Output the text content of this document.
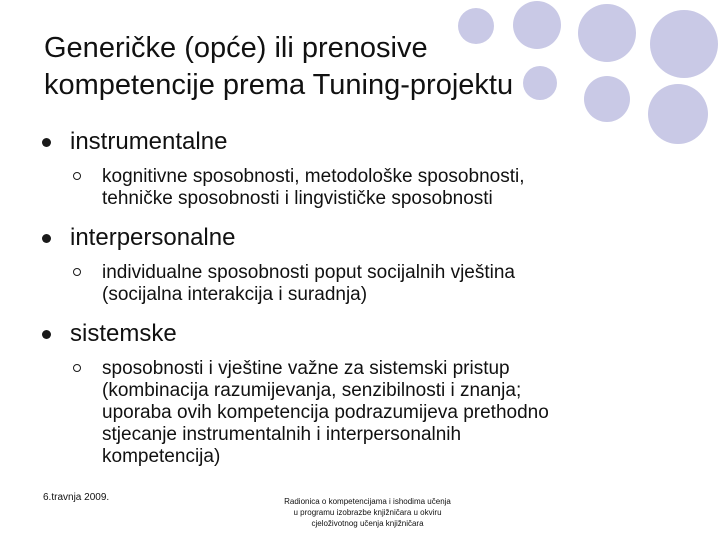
Generičke (opće) ili prenosive
kompetencije prema Tuning-projektu
instrumentalne
kognitivne sposobnosti, metodološke sposobnosti,
tehničke sposobnosti i lingvističke sposobnosti
interpersonalne
individualne sposobnosti poput socijalnih vještina
(socijalna interakcija i suradnja)
sistemske
sposobnosti i vještine važne za sistemski pristup
(kombinacija razumijevanja, senzibilnosti i znanja;
uporaba ovih kompetencija podrazumijeva prethodno
stjecanje instrumentalnih i interpersonalnih
kompetencija)
6.travnja 2009.	Radionica o kompetencijama i ishodima učenja
u programu izobrazbe knjižničara u okviru
cjeloživotnog učenja knjižničara
